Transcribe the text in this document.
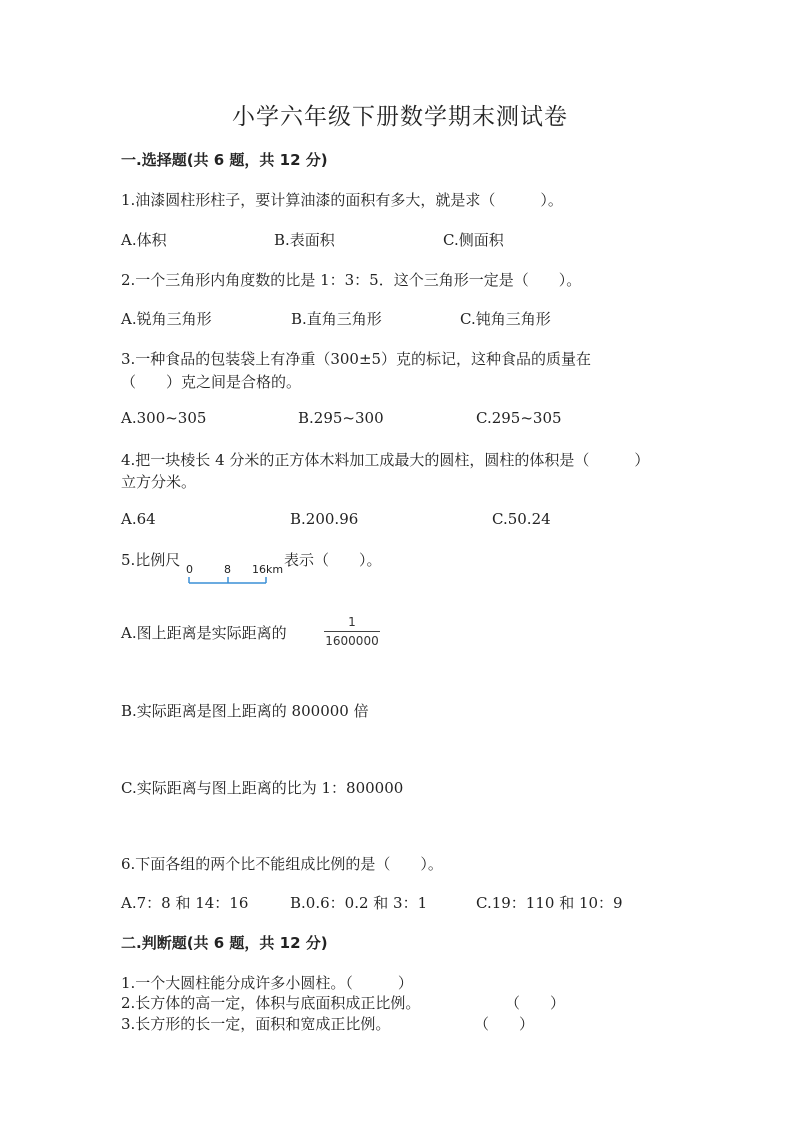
小学六年级下册数学期末测试卷
一.选择题(共 6 题，共 12 分)
1.油漆圆柱形柱子，要计算油漆的面积有多大，就是求（　　　）。
A.体积	B.表面积	C.侧面积
2.一个三角形内角度数的比是 1：3：5．这个三角形一定是（　　）。
A.锐角三角形	B.直角三角形	C.钝角三角形
3.一种食品的包装袋上有净重（300±5）克的标记，这种食品的质量在
（　　）克之间是合格的。
A.300~305	B.295~300	C.295~305
4.把一块棱长 4 分米的正方体木料加工成最大的圆柱，圆柱的体积是（　　　）
立方分米。
A.64	B.200.96	C.50.24
5.比例尺
0	8 16km
表示（　　）。
A.图上距离是实际距离的
1
1600000
B.实际距离是图上距离的 800000 倍
C.实际距离与图上距离的比为 1：800000
6.下面各组的两个比不能组成比例的是（　　）。
A.7：8 和 14：16	B.0.6：0.2 和 3：1	C.19：110 和 10：9
二.判断题(共 6 题，共 12 分)
1.一个大圆柱能分成许多小圆柱。（　　　）
2.长方体的高一定，体积与底面积成正比例。	（　　）
3.长方形的长一定，面积和宽成正比例。	（　　）
